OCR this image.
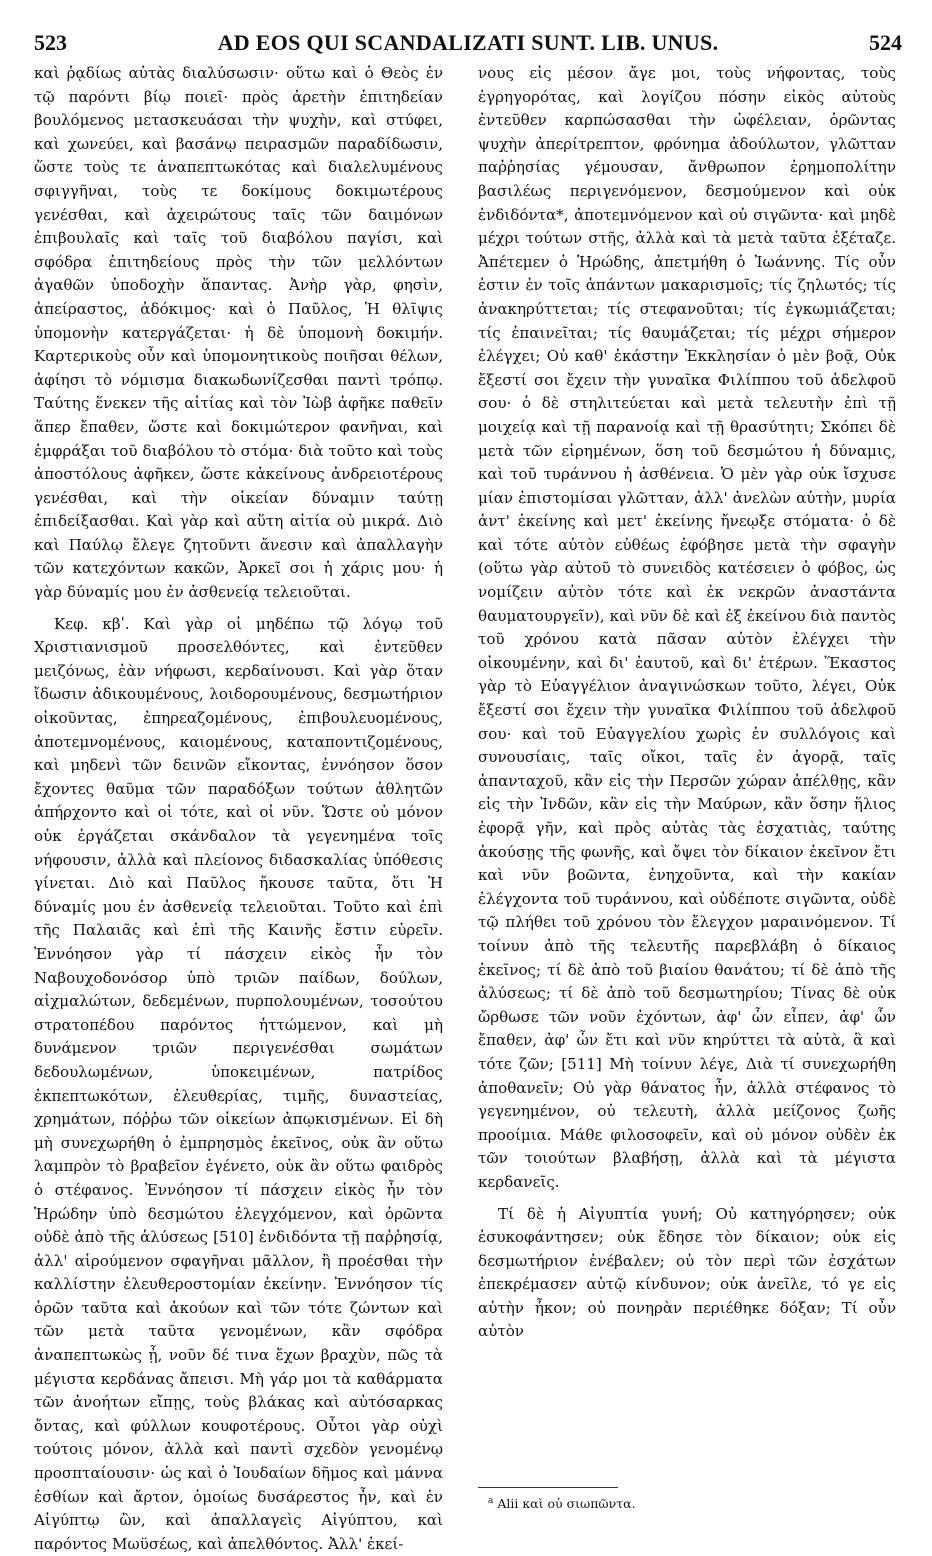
523	AD EOS QUI SCANDALIZATI SUNT. LIB. UNUS.	524

καὶ ῥᾳδίως αὐτὰς διαλύσωσιν· οὕτω καὶ ὁ Θεὸς ἐν τῷ παρόντι βίῳ ποιεῖ· πρὸς ἀρετὴν ἐπιτηδείαν βουλόμενος μετασκευάσαι τὴν ψυχὴν, καὶ στύφει, καὶ χωνεύει, καὶ βασάνῳ πειρασμῶν παραδίδωσιν, ὥστε τοὺς τε ἀναπεπτωκότας καὶ διαλελυμένους σφιγγῆναι, τοὺς τε δοκίμους δοκιμωτέρους γενέσθαι, καὶ ἀχειρώτους ταῖς τῶν δαιμόνων ἐπιβουλαῖς καὶ ταῖς τοῦ διαβόλου παγίσι, καὶ σφόδρα ἐπιτηδείους πρὸς τὴν τῶν μελλόντων ἀγαθῶν ὑποδοχὴν ἅπαντας. Ἀνὴρ γὰρ, φησὶν, ἀπείραστος, ἀδόκιμος· καὶ ὁ Παῦλος, Ἡ θλῖψις ὑπομονὴν κατεργάζεται· ἡ δὲ ὑπομονὴ δοκιμήν. Καρτερικοὺς οὖν καὶ ὑπομονητικοὺς ποιῆσαι θέλων, ἀφίησι τὸ νόμισμα διακωδωνίζεσθαι παντὶ τρόπῳ. Ταύτης ἕνεκεν τῆς αἰτίας καὶ τὸν Ἰὼβ ἀφῆκε παθεῖν ἅπερ ἔπαθεν, ὥστε καὶ δοκιμώτερον φανῆναι, καὶ ἐμφράξαι τοῦ διαβόλου τὸ στόμα· διὰ τοῦτο καὶ τοὺς ἀποστόλους ἀφῆκεν, ὥστε κἀκείνους ἀνδρειοτέρους γενέσθαι, καὶ τὴν οἰκείαν δύναμιν ταύτῃ ἐπιδείξασθαι. Καὶ γὰρ καὶ αὕτη αἰτία οὐ μικρά. Διὸ καὶ Παύλῳ ἔλεγε ζητοῦντι ἄνεσιν καὶ ἀπαλλαγὴν τῶν κατεχόντων κακῶν, Ἀρκεῖ σοι ἡ χάρις μου· ἡ γὰρ δύναμίς μου ἐν ἀσθενείᾳ τελειοῦται.

Κεφ. κβʹ. Καὶ γὰρ οἱ μηδέπω τῷ λόγῳ τοῦ Χριστιανισμοῦ προσελθόντες, καὶ ἐντεῦθεν μειζόνως, ἐὰν νήφωσι, κερδαίνουσι. Καὶ γὰρ ὅταν ἴδωσιν ἀδικουμένους, λοιδορουμένους, δεσμωτήριον οἰκοῦντας, ἐπηρεαζομένους, ἐπιβουλευομένους, ἀποτεμνομένους, καιομένους, καταποντιζομένους, καὶ μηδενὶ τῶν δεινῶν εἴκοντας, ἐννόησον ὅσον ἔχοντες θαῦμα τῶν παραδόξων τούτων ἀθλητῶν ἀπήρχοντο καὶ οἱ τότε, καὶ οἱ νῦν. Ὥστε οὐ μόνον οὐκ ἐργάζεται σκάνδαλον τὰ γεγενημένα τοῖς νήφουσιν, ἀλλὰ καὶ πλείονος διδασκαλίας ὑπόθεσις γίνεται. Διὸ καὶ Παῦλος ἤκουσε ταῦτα, ὅτι Ἡ δύναμίς μου ἐν ἀσθενείᾳ τελειοῦται. Τοῦτο καὶ ἐπὶ τῆς Παλαιᾶς καὶ ἐπὶ τῆς Καινῆς ἔστιν εὑρεῖν. Ἐννόησον γὰρ τί πάσχειν εἰκὸς ἦν τὸν Ναβουχοδονόσορ ὑπὸ τριῶν παίδων, δούλων, αἰχμαλώτων, δεδεμένων, πυρπολουμένων, τοσούτου στρατοπέδου παρόντος ἡττώμενον, καὶ μὴ δυνάμενον τριῶν περιγενέσθαι σωμάτων δεδουλωμένων, ὑποκειμένων, πατρίδος ἐκπεπτωκότων, ἐλευθερίας, τιμῆς, δυναστείας, χρημάτων, πόῤῥω τῶν οἰκείων ἀπῳκισμένων. Εἰ δὴ μὴ συνεχωρήθη ὁ ἐμπρησμὸς ἐκεῖνος, οὐκ ἂν οὕτω λαμπρὸν τὸ βραβεῖον ἐγένετο, οὐκ ἂν οὕτω φαιδρὸς ὁ στέφανος. Ἐννόησον τί πάσχειν εἰκὸς ἦν τὸν Ἡρώδην ὑπὸ δεσμώτου ἐλεγχόμενον, καὶ ὁρῶντα οὐδὲ ἀπὸ τῆς ἁλύσεως [510] ἐνδιδόντα τῇ παῤῥησίᾳ, ἀλλ' αἱρούμενον σφαγῆναι μᾶλλον, ἢ προέσθαι τὴν καλλίστην ἐλευθεροστομίαν ἐκείνην. Ἐννόησον τίς ὁρῶν ταῦτα καὶ ἀκούων καὶ τῶν τότε ζώντων καὶ τῶν μετὰ ταῦτα γενομένων, κἂν σφόδρα ἀναπεπτωκὼς ᾖ, νοῦν δέ τινα ἔχων βραχὺν, πῶς τὰ μέγιστα κερδάνας ἄπεισι. Μὴ γάρ μοι τὰ καθάρματα τῶν ἀνοήτων εἴπῃς, τοὺς βλάκας καὶ αὐτόσαρκας ὄντας, καὶ φύλλων κουφοτέρους. Οὗτοι γὰρ οὐχὶ τούτοις μόνον, ἀλλὰ καὶ παντὶ σχεδὸν γενομένῳ προσπταίουσιν· ὡς καὶ ὁ Ἰουδαίων δῆμος καὶ μάννα ἐσθίων καὶ ἄρτον, ὁμοίως δυσάρεστος ἦν, καὶ ἐν Αἰγύπτῳ ὢν, καὶ ἀπαλλαγεὶς Αἰγύπτου, καὶ παρόντος Μωϋσέως, καὶ ἀπελθόντος. Ἀλλ' ἐκεί-

νους εἰς μέσον ἄγε μοι, τοὺς νήφοντας, τοὺς ἐγρηγορότας, καὶ λογίζου πόσην εἰκὸς αὐτοὺς ἐντεῦθεν καρπώσασθαι τὴν ὠφέλειαν, ὁρῶντας ψυχὴν ἀπερίτρεπτον, φρόνημα ἀδούλωτον, γλῶτταν παῤῥησίας γέμουσαν, ἄνθρωπον ἐρημοπολίτην βασιλέως περιγενόμενον, δεσμούμενον καὶ οὐκ ἐνδιδόντα*, ἀποτεμνόμενον καὶ οὐ σιγῶντα· καὶ μηδὲ μέχρι τούτων στῆς, ἀλλὰ καὶ τὰ μετὰ ταῦτα ἐξέταζε. Ἀπέτεμεν ὁ Ἡρώδης, ἀπετμήθη ὁ Ἰωάννης. Τίς οὖν ἐστιν ἐν τοῖς ἁπάντων μακαρισμοῖς; τίς ζηλωτός; τίς ἀνακηρύττεται; τίς στεφανοῦται; τίς ἐγκωμιάζεται; τίς ἐπαινεῖται; τίς θαυμάζεται; τίς μέχρι σήμερον ἐλέγχει; Οὐ καθ' ἑκάστην Ἐκκλησίαν ὁ μὲν βοᾷ, Οὐκ ἔξεστί σοι ἔχειν τὴν γυναῖκα Φιλίππου τοῦ ἀδελφοῦ σου· ὁ δὲ στηλιτεύεται καὶ μετὰ τελευτὴν ἐπὶ τῇ μοιχείᾳ καὶ τῇ παρανοίᾳ καὶ τῇ θρασύτητι; Σκόπει δὲ μετὰ τῶν εἰρημένων, ὅση τοῦ δεσμώτου ἡ δύναμις, καὶ τοῦ τυράννου ἡ ἀσθένεια. Ὁ μὲν γὰρ οὐκ ἴσχυσε μίαν ἐπιστομίσαι γλῶτταν, ἀλλ' ἀνελὼν αὐτὴν, μυρία ἀντ' ἐκείνης καὶ μετ' ἐκείνης ἤνεῳξε στόματα· ὁ δὲ καὶ τότε αὐτὸν εὐθέως ἐφόβησε μετὰ τὴν σφαγὴν (οὕτω γὰρ αὐτοῦ τὸ συνειδὸς κατέσειεν ὁ φόβος, ὡς νομίζειν αὐτὸν τότε καὶ ἐκ νεκρῶν ἀναστάντα θαυματουργεῖν), καὶ νῦν δὲ καὶ ἐξ ἐκείνου διὰ παντὸς τοῦ χρόνου κατὰ πᾶσαν αὐτὸν ἐλέγχει τὴν οἰκουμένην, καὶ δι' ἑαυτοῦ, καὶ δι' ἑτέρων. Ἕκαστος γὰρ τὸ Εὐαγγέλιον ἀναγινώσκων τοῦτο, λέγει, Οὐκ ἔξεστί σοι ἔχειν τὴν γυναῖκα Φιλίππου τοῦ ἀδελφοῦ σου· καὶ τοῦ Εὐαγγελίου χωρὶς ἐν συλλόγοις καὶ συνουσίαις, ταῖς οἴκοι, ταῖς ἐν ἀγορᾷ, ταῖς ἁπανταχοῦ, κἂν εἰς τὴν Περσῶν χώραν ἀπέλθῃς, κἂν εἰς τὴν Ἰνδῶν, κἂν εἰς τὴν Μαύρων, κἂν ὅσην ἥλιος ἐφορᾷ γῆν, καὶ πρὸς αὐτὰς τὰς ἐσχατιὰς, ταύτης ἀκούσῃς τῆς φωνῆς, καὶ ὄψει τὸν δίκαιον ἐκεῖνον ἔτι καὶ νῦν βοῶντα, ἐνηχοῦντα, καὶ τὴν κακίαν ἐλέγχοντα τοῦ τυράννου, καὶ οὐδέποτε σιγῶντα, οὐδὲ τῷ πλήθει τοῦ χρόνου τὸν ἔλεγχον μαραινόμενον. Τί τοίνυν ἀπὸ τῆς τελευτῆς παρεβλάβη ὁ δίκαιος ἐκεῖνος; τί δὲ ἀπὸ τοῦ βιαίου θανάτου; τί δὲ ἀπὸ τῆς ἁλύσεως; τί δὲ ἀπὸ τοῦ δεσμωτηρίου; Τίνας δὲ οὐκ ὤρθωσε τῶν νοῦν ἐχόντων, ἀφ' ὧν εἶπεν, ἀφ' ὧν ἔπαθεν, ἀφ' ὧν ἔτι καὶ νῦν κηρύττει τὰ αὐτὰ, ἃ καὶ τότε ζῶν; [511] Μὴ τοίνυν λέγε, Διὰ τί συνεχωρήθη ἀποθανεῖν; Οὐ γὰρ θάνατος ἦν, ἀλλὰ στέφανος τὸ γεγενημένον, οὐ τελευτὴ, ἀλλὰ μείζονος ζωῆς προοίμια. Μάθε φιλοσοφεῖν, καὶ οὐ μόνον οὐδὲν ἐκ τῶν τοιούτων βλαβήσῃ, ἀλλὰ καὶ τὰ μέγιστα κερδανεῖς.

Τί δὲ ἡ Αἰγυπτία γυνή; Οὐ κατηγόρησεν; οὐκ ἐσυκοφάντησεν; οὐκ ἔδησε τὸν δίκαιον; οὐκ εἰς δεσμωτήριον ἐνέβαλεν; οὐ τὸν περὶ τῶν ἐσχάτων ἐπεκρέμασεν αὐτῷ κίνδυνον; οὐκ ἀνεῖλε, τό γε εἰς αὐτὴν ἧκον; οὐ πονηρὰν περιέθηκε δόξαν; Τί οὖν αὐτὸν

$^a$ Alii καὶ οὐ σιωπῶντα.
